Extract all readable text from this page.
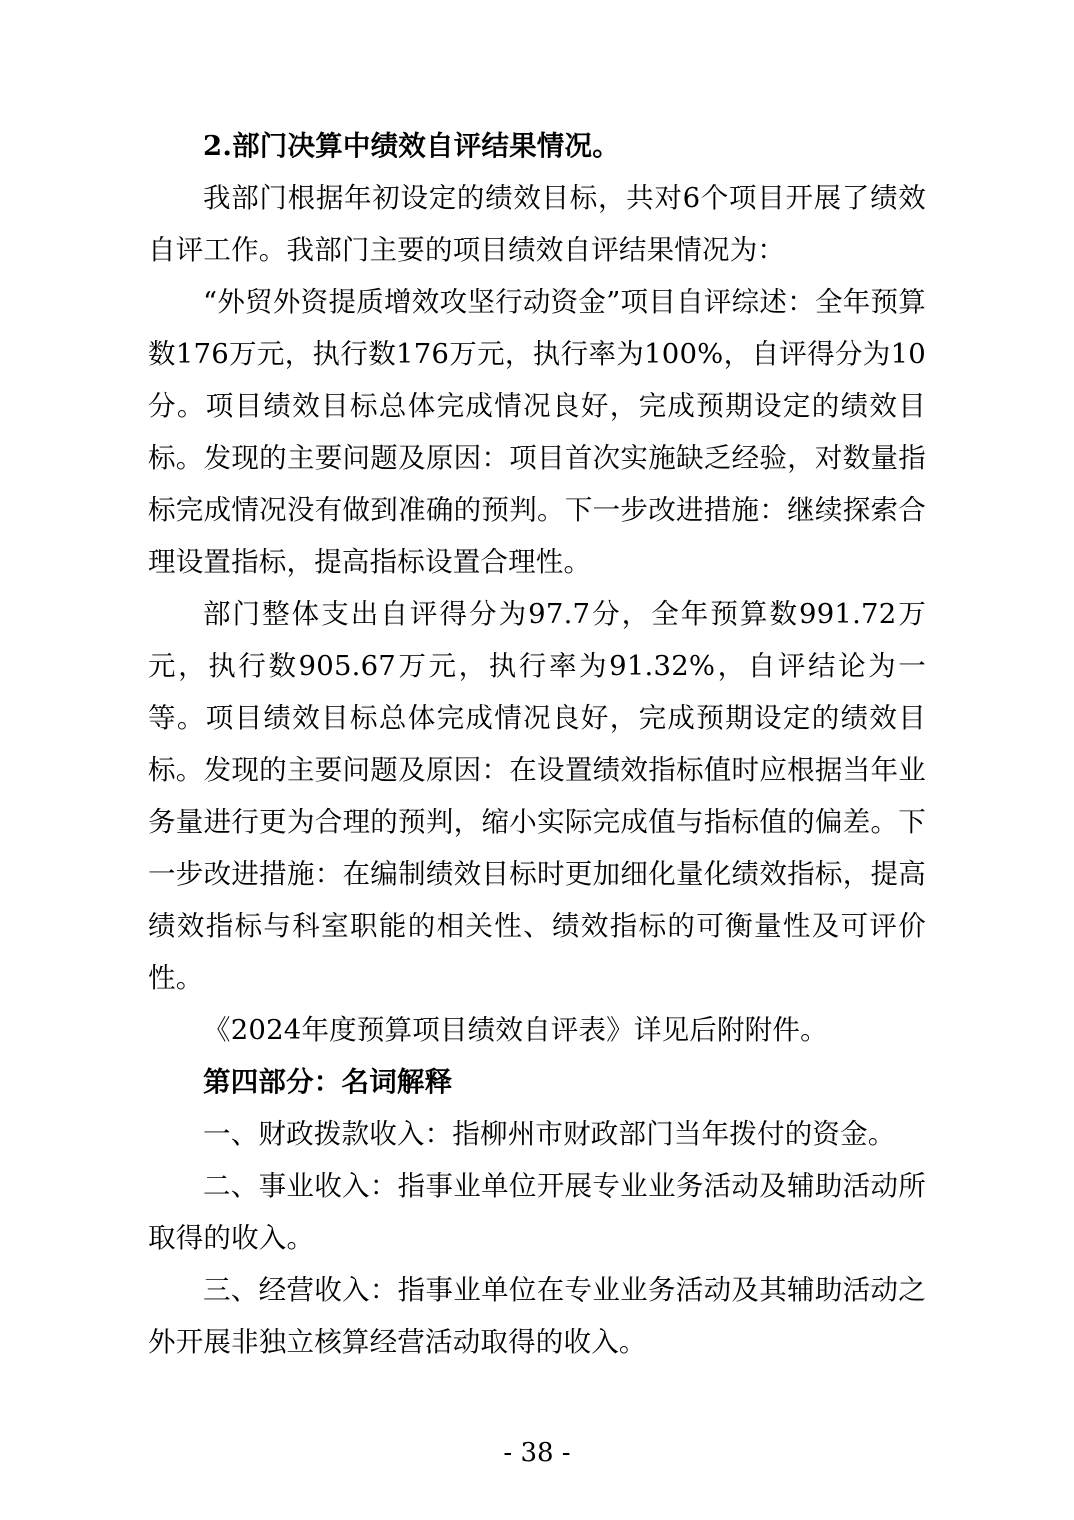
2.部门决算中绩效自评结果情况。

我部门根据年初设定的绩效目标，共对6个项目开展了绩效自评工作。我部门主要的项目绩效自评结果情况为：

“外贸外资提质增效攻坚行动资金”项目自评综述：全年预算数176万元，执行数176万元，执行率为100%，自评得分为10分。项目绩效目标总体完成情况良好，完成预期设定的绩效目标。发现的主要问题及原因：项目首次实施缺乏经验，对数量指标完成情况没有做到准确的预判。下一步改进措施：继续探索合理设置指标，提高指标设置合理性。

部门整体支出自评得分为97.7分，全年预算数991.72万元，执行数905.67万元，执行率为91.32%，自评结论为一等。项目绩效目标总体完成情况良好，完成预期设定的绩效目标。发现的主要问题及原因：在设置绩效指标值时应根据当年业务量进行更为合理的预判，缩小实际完成值与指标值的偏差。下一步改进措施：在编制绩效目标时更加细化量化绩效指标，提高绩效指标与科室职能的相关性、绩效指标的可衡量性及可评价性。

《2024年度预算项目绩效自评表》详见后附附件。

第四部分：名词解释

一、财政拨款收入：指柳州市财政部门当年拨付的资金。

二、事业收入：指事业单位开展专业业务活动及辅助活动所取得的收入。

三、经营收入：指事业单位在专业业务活动及其辅助活动之外开展非独立核算经营活动取得的收入。

- 38 -
